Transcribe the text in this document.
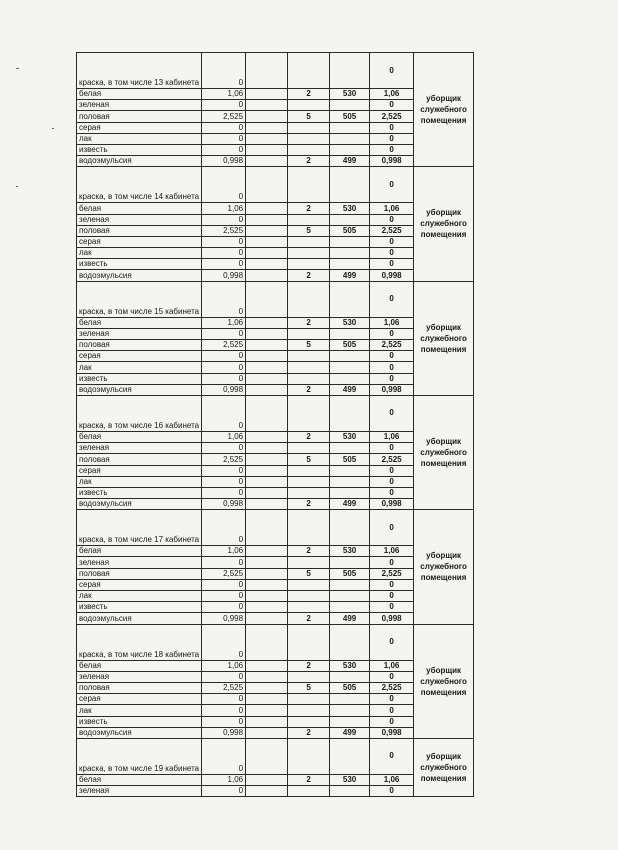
краска, в том числе 13 кабинета	0				0	уборщик служебного помещения
белая	1,06		2	530	1,06	
зеленая	0				0	
половая	2,525		5	505	2,525	
серая	0				0	
лак	0				0	
известь	0				0	
водоэмульсия	0,998		2	499	0,998	
краска, в том числе 14 кабинета	0				0	уборщик служебного помещения
белая	1,06		2	530	1,06	
зеленая	0				0	
половая	2,525		5	505	2,525	
серая	0				0	
лак	0				0	
известь	0				0	
водоэмульсия	0,998		2	499	0,998	
краска, в том числе 15 кабинета	0				0	уборщик служебного помещения
белая	1,06		2	530	1,06	
зеленая	0				0	
половая	2,525		5	505	2,525	
серая	0				0	
лак	0				0	
известь	0				0	
водоэмульсия	0,998		2	499	0,998	
краска, в том числе 16 кабинета	0				0	уборщик служебного помещения
белая	1,06		2	530	1,06	
зеленая	0				0	
половая	2,525		5	505	2,525	
серая	0				0	
лак	0				0	
известь	0				0	
водоэмульсия	0,998		2	499	0,998	
краска, в том числе 17 кабинета	0				0	уборщик служебного помещения
белая	1,06		2	530	1,06	
зеленая	0				0	
половая	2,525		5	505	2,525	
серая	0				0	
лак	0				0	
известь	0				0	
водоэмульсия	0,998		2	499	0,998	
краска, в том числе 18 кабинета	0				0	уборщик служебного помещения
белая	1,06		2	530	1,06	
зеленая	0				0	
половая	2,525		5	505	2,525	
серая	0				0	
лак	0				0	
известь	0				0	
водоэмульсия	0,998		2	499	0,998	
краска, в том числе 19 кабинета	0				0	уборщик служебного помещения
белая	1,06		2	530	1,06	
зеленая	0				0	
